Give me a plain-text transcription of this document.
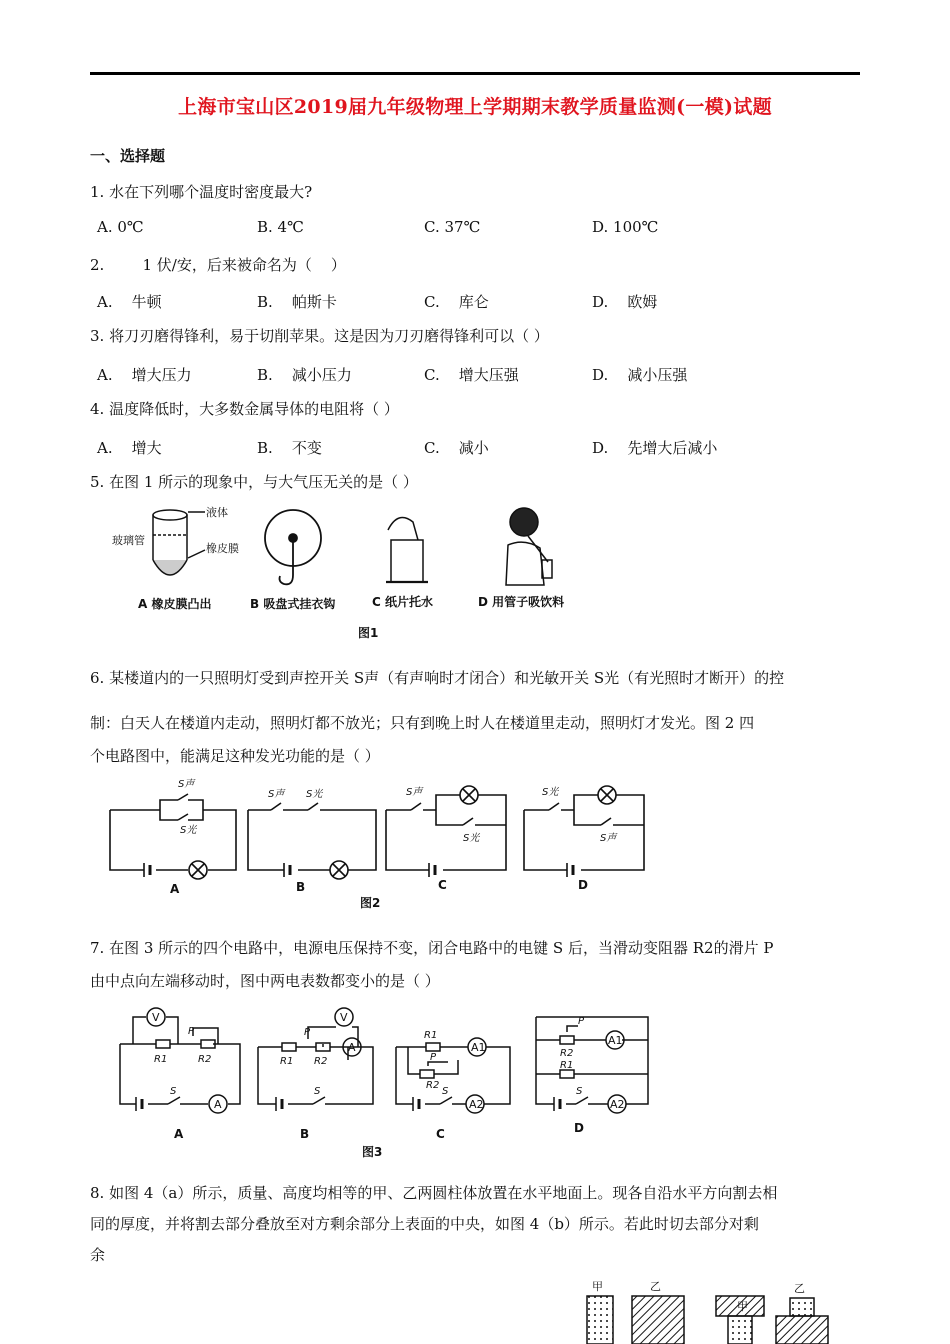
上海市宝山区2019届九年级物理上学期期末教学质量监测(一模)试题
一、选择题
1. 水在下列哪个温度时密度最大?
A. 0℃	B. 4℃	C. 37℃	D. 100℃
2.        1 伏/安，后来被命名为（    ）

A.    牛顿

	B.    帕斯卡

	C.    库仑

	D.    欧姆

3. 将刀刃磨得锋利，易于切削苹果。这是因为刀刃磨得锋利可以（ ）
A.    增大压力	B.    减小压力	C.    增大压强	D.    减小压强
4. 温度降低时，大多数金属导体的电阻将（ ）
A.    增大	B.    不变	C.    减小	D.    先增大后减小
5. 在图 1 所示的现象中，与大气压无关的是（ ）
液体
玻璃管
橡皮膜
A 橡皮膜凸出	B 吸盘式挂衣钩	C 纸片托水	D 用管子吸饮料
图1
6. 某楼道内的一只照明灯受到声控开关 S声（有声响时才闭合）和光敏开关 S光（有光照时才断开）的控
制：白天人在楼道内走动，照明灯都不放光；只有到晚上时人在楼道里走动，照明灯才发光。图 2 四
个电路图中，能满足这种发光功能的是（ ）
S声
S光
S声 S光	S声
S光
S光
S声
A	B	C	D
图2
7. 在图 3 所示的四个电路中，电源电压保持不变，闭合电路中的电键 S 后，当滑动变阻器 R2的滑片 P
由中点向左端移动时，图中两电表数都变小的是（ ）
V
A
R1	R2
P
S
V
A
R1 R2
P
S
A1
A2
R1
R2
P
S
A1
A2
R2
R1
P
S
A	B	C	D
图3
8. 如图 4（a）所示，质量、高度均相等的甲、乙两圆柱体放置在水平地面上。现各自沿水平方向割去相
同的厚度，并将割去部分叠放至对方剩余部分上表面的中央，如图 4（b）所示。若此时切去部分对剩
余
甲	乙
甲
乙
